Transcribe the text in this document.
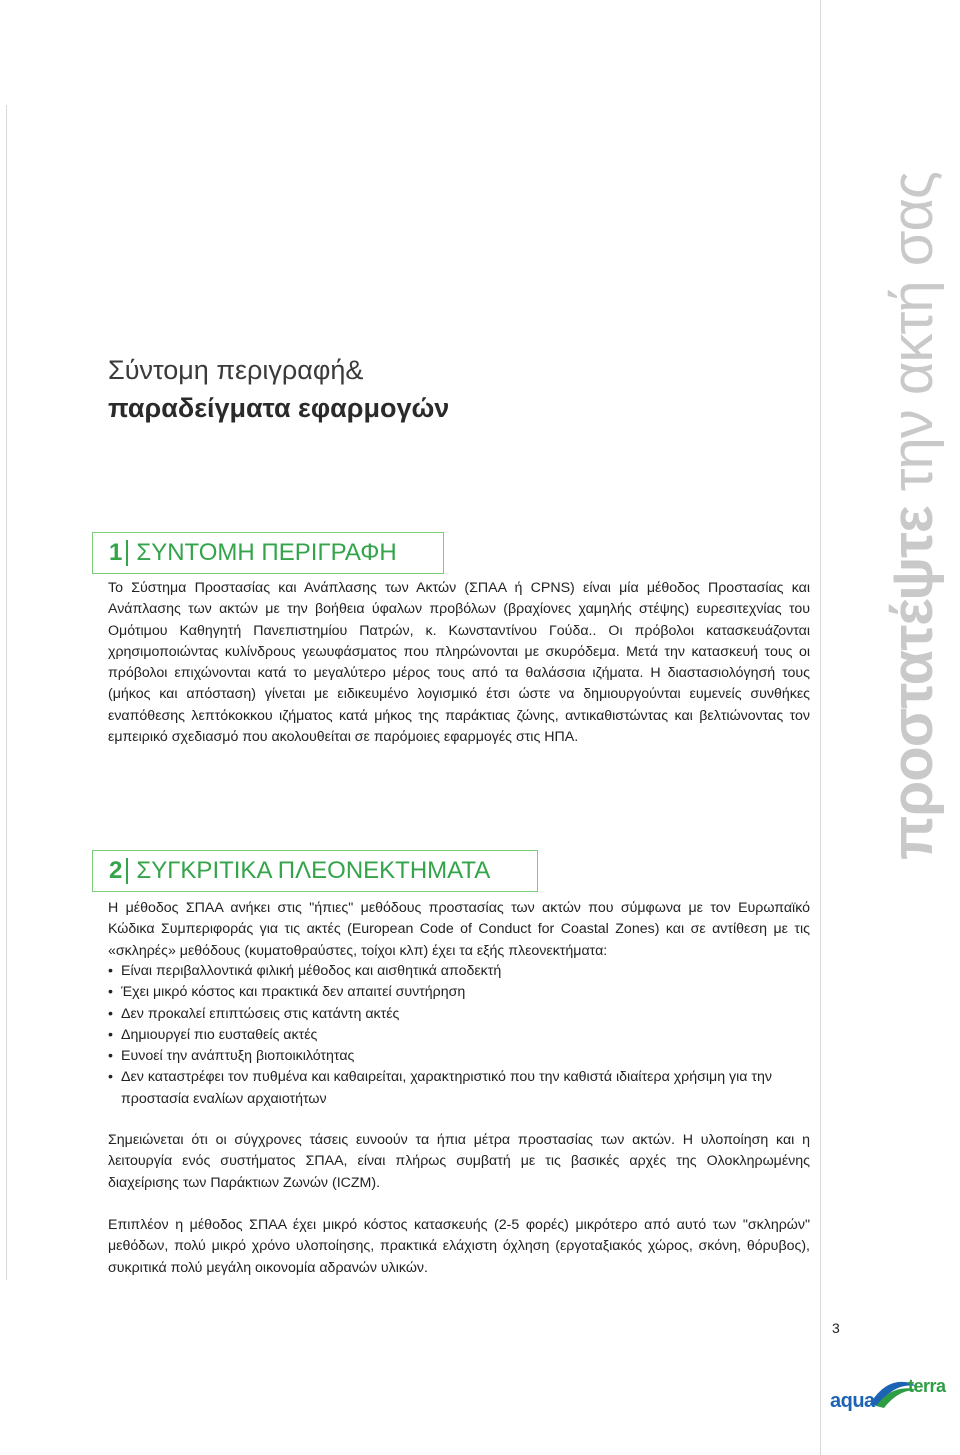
Σύντομη περιγραφή&
παραδείγματα εφαρμογών
1 ΣΥΝΤΟΜΗ ΠΕΡΙΓΡΑΦΗ

Το Σύστημα Προστασίας και Ανάπλασης των Ακτών (ΣΠΑΑ ή CPNS) είναι μία μέθοδος Προστασίας και Ανάπλασης των ακτών με την βοήθεια ύφαλων προβόλων (βραχίονες χαμηλής στέψης) ευρεσιτεχνίας του Ομότιμου Καθηγητή Πανεπιστημίου Πατρών, κ. Κωνσταντίνου Γούδα.. Οι πρόβολοι κατασκευάζονται χρησιμοποιώντας κυλίνδρους γεωυφάσματος που πληρώνονται με σκυρόδεμα. Μετά την κατασκευή τους οι πρόβολοι επιχώνονται κατά το μεγαλύτερο μέρος τους από τα θαλάσσια ιζήματα. Η διαστασιολόγησή τους (μήκος και απόσταση) γίνεται με ειδικευμένο λογισμικό έτσι ώστε να δημιουργούνται ευμενείς συνθήκες εναπόθεσης λεπτόκοκκου ιζήματος κατά μήκος της παράκτιας ζώνης, αντικαθιστώντας και βελτιώνοντας τον εμπειρικό σχεδιασμό που ακολουθείται σε παρόμοιες εφαρμογές στις ΗΠΑ.

2 ΣΥΓΚΡΙΤΙΚΑ ΠΛΕΟΝΕΚΤΗΜΑΤΑ

Η μέθοδος ΣΠΑΑ ανήκει στις "ήπιες" μεθόδους προστασίας των ακτών που σύμφωνα με τον Ευρωπαϊκό Κώδικα Συμπεριφοράς για τις ακτές (European Code of Conduct for Coastal Zones) και σε αντίθεση με τις «σκληρές» μεθόδους (κυματοθραύστες, τοίχοι κλπ) έχει τα εξής πλεονεκτήματα:

• Είναι περιβαλλοντικά φιλική μέθοδος και αισθητικά αποδεκτή
• Έχει μικρό κόστος και πρακτικά δεν απαιτεί συντήρηση
• Δεν προκαλεί επιπτώσεις στις κατάντη ακτές
• Δημιουργεί πιο ευσταθείς ακτές
• Ευνοεί την ανάπτυξη βιοποικιλότητας
• Δεν καταστρέφει τον πυθμένα και καθαιρείται, χαρακτηριστικό που την καθιστά ιδιαίτερα χρήσιμη για την προστασία εναλίων αρχαιοτήτων

Σημειώνεται ότι οι σύγχρονες τάσεις ευνοούν τα ήπια μέτρα προστασίας των ακτών. Η υλοποίηση και η λειτουργία ενός συστήματος ΣΠΑΑ, είναι πλήρως συμβατή με τις βασικές αρχές της Ολοκληρωμένης διαχείρισης των Παράκτιων Ζωνών (ICZM).

Επιπλέον η μέθοδος ΣΠΑΑ έχει μικρό κόστος κατασκευής (2-5 φορές) μικρότερο από αυτό των "σκληρών" μεθόδων, πολύ μικρό χρόνο υλοποίησης, πρακτικά ελάχιστη όχληση (εργοταξιακός χώρος, σκόνη, θόρυβος), συκριτικά πολύ μεγάλη οικονομία αδρανών υλικών.

προστατέψτε την ακτή σας
3
aqua
terra
